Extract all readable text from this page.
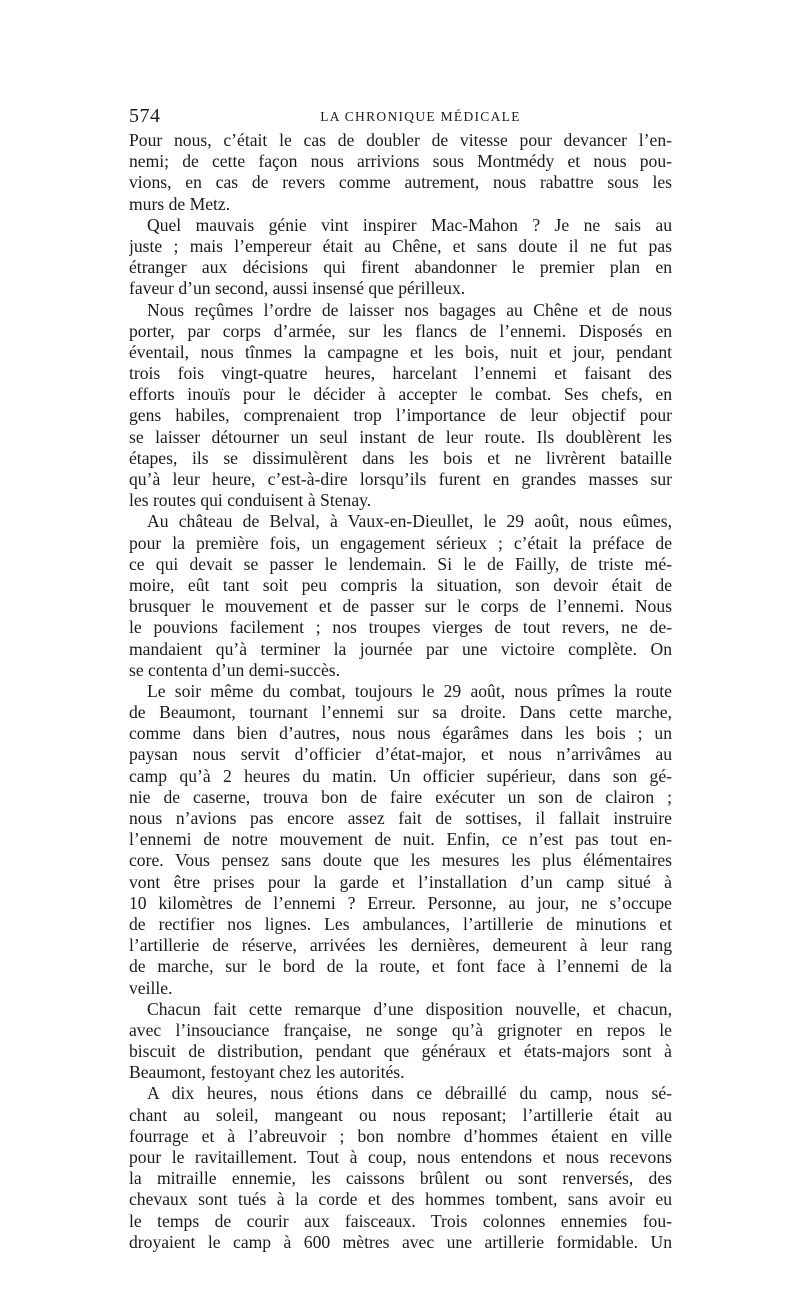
574	LA CHRONIQUE MÉDICALE
Pour nous, c’était le cas de doubler de vitesse pour devancer l’en-
nemi; de cette façon nous arrivions sous Montmédy et nous pou-
vions, en cas de revers comme autrement, nous rabattre sous les
murs de Metz.
Quel mauvais génie vint inspirer Mac-Mahon ? Je ne sais au
juste ; mais l’empereur était au Chêne, et sans doute il ne fut pas
étranger aux décisions qui firent abandonner le premier plan en
faveur d’un second, aussi insensé que périlleux.
Nous reçûmes l’ordre de laisser nos bagages au Chêne et de nous
porter, par corps d’armée, sur les flancs de l’ennemi. Disposés en
éventail, nous tînmes la campagne et les bois, nuit et jour, pendant
trois fois vingt-quatre heures, harcelant l’ennemi et faisant des
efforts inouïs pour le décider à accepter le combat. Ses chefs, en
gens habiles, comprenaient trop l’importance de leur objectif pour
se laisser détourner un seul instant de leur route. Ils doublèrent les
étapes, ils se dissimulèrent dans les bois et ne livrèrent bataille
qu’à leur heure, c’est-à-dire lorsqu’ils furent en grandes masses sur
les routes qui conduisent à Stenay.
Au château de Belval, à Vaux-en-Dieullet, le 29 août, nous eûmes,
pour la première fois, un engagement sérieux ; c’était la préface de
ce qui devait se passer le lendemain. Si le de Failly, de triste mé-
moire, eût tant soit peu compris la situation, son devoir était de
brusquer le mouvement et de passer sur le corps de l’ennemi. Nous
le pouvions facilement ; nos troupes vierges de tout revers, ne de-
mandaient qu’à terminer la journée par une victoire complète. On
se contenta d’un demi-succès.
Le soir même du combat, toujours le 29 août, nous prîmes la route
de Beaumont, tournant l’ennemi sur sa droite. Dans cette marche,
comme dans bien d’autres, nous nous égarâmes dans les bois ; un
paysan nous servit d’officier d’état-major, et nous n’arrivâmes au
camp qu’à 2 heures du matin. Un officier supérieur, dans son gé-
nie de caserne, trouva bon de faire exécuter un son de clairon ;
nous n’avions pas encore assez fait de sottises, il fallait instruire
l’ennemi de notre mouvement de nuit. Enfin, ce n’est pas tout en-
core. Vous pensez sans doute que les mesures les plus élémentaires
vont être prises pour la garde et l’installation d’un camp situé à
10 kilomètres de l’ennemi ? Erreur. Personne, au jour, ne s’occupe
de rectifier nos lignes. Les ambulances, l’artillerie de minutions et
l’artillerie de réserve, arrivées les dernières, demeurent à leur rang
de marche, sur le bord de la route, et font face à l’ennemi de la
veille.
Chacun fait cette remarque d’une disposition nouvelle, et chacun,
avec l’insouciance française, ne songe qu’à grignoter en repos le
biscuit de distribution, pendant que généraux et états-majors sont à
Beaumont, festoyant chez les autorités.
A dix heures, nous étions dans ce débraillé du camp, nous sé-
chant au soleil, mangeant ou nous reposant; l’artillerie était au
fourrage et à l’abreuvoir ; bon nombre d’hommes étaient en ville
pour le ravitaillement. Tout à coup, nous entendons et nous recevons
la mitraille ennemie, les caissons brûlent ou sont renversés, des
chevaux sont tués à la corde et des hommes tombent, sans avoir eu
le temps de courir aux faisceaux. Trois colonnes ennemies fou-
droyaient le camp à 600 mètres avec une artillerie formidable. Un
